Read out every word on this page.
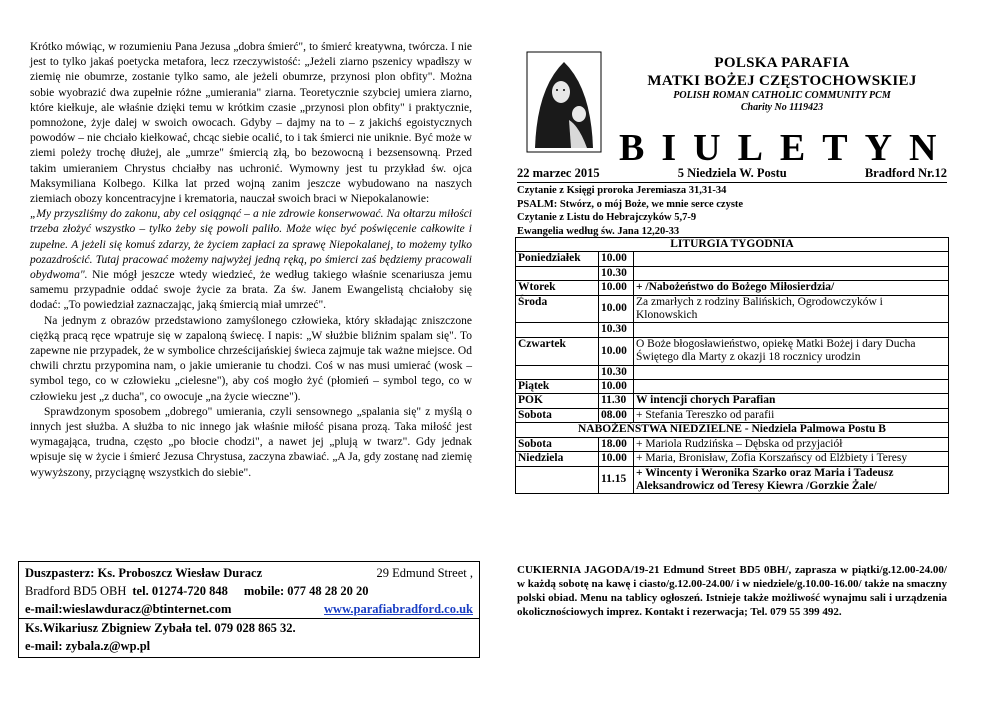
Krótko mówiąc, w rozumieniu Pana Jezusa „dobra śmierć", to śmierć kreatywna, twórcza. I nie jest to tylko jakaś poetycka metafora, lecz rzeczywistość: „Jeżeli ziarno pszenicy wpadłszy w ziemię nie obumrze, zostanie tylko samo, ale jeżeli obumrze, przynosi plon obfity". Można sobie wyobrazić dwa zupełnie różne „umierania" ziarna. Teoretycznie szybciej umiera ziarno, które kiełkuje, ale właśnie dzięki temu w krótkim czasie „przynosi plon obfity" i praktycznie, pomnożone, żyje dalej w swoich owocach. Gdyby – dajmy na to – z jakichś egoistycznych powodów – nie chciało kiełkować, chcąc siebie ocalić, to i tak śmierci nie uniknie. Być może w ziemi poleży trochę dłużej, ale „umrze" śmiercią złą, bo bezowocną i bezsensowną. Przed takim umieraniem Chrystus chciałby nas uchronić. Wymowny jest tu przykład św. ojca Maksymiliana Kolbego. Kilka lat przed wojną zanim jeszcze wybudowano na naszych ziemiach obozy koncentracyjne i krematoria, nauczał swoich braci w Niepokalanowie:

„My przyszliśmy do zakonu, aby cel osiągnąć – a nie zdrowie konserwować. Na ołtarzu miłości trzeba złożyć wszystko – tylko żeby się powoli paliło. Może więc być poświęcenie całkowite i zupełne. A jeżeli się komuś zdarzy, że życiem zapłaci za sprawę Niepokalanej, to możemy tylko pozazdrościć. Tutaj pracować możemy najwyżej jedną ręką, po śmierci zaś będziemy pracowali obydwoma". Nie mógł jeszcze wtedy wiedzieć, że według takiego właśnie scenariusza jemu samemu przypadnie oddać swoje życie za brata. Za św. Janem Ewangelistą chciałoby się dodać: „To powiedział zaznaczając, jaką śmiercią miał umrzeć".

Na jednym z obrazów przedstawiono zamyślonego człowieka, który składając zniszczone ciężką pracą ręce wpatruje się w zapaloną świecę. I napis: „W służbie bliźnim spalam się". To zapewne nie przypadek, że w symbolice chrześcijańskiej świeca zajmuje tak ważne miejsce. Od chwili chrztu przypomina nam, o jakie umieranie tu chodzi. Coś w nas musi umierać (wosk – symbol tego, co w człowieku „cielesne"), aby coś mogło żyć (płomień – symbol tego, co w człowieku jest „z ducha", co owocuje „na życie wieczne").

Sprawdzonym sposobem „dobrego" umierania, czyli sensownego „spalania się" z myślą o innych jest służba. A służba to nic innego jak właśnie miłość pisana prozą. Taka miłość jest wymagająca, trudna, często „po błocie chodzi", a nawet jej „plują w twarz". Gdy jednak wpisuje się w życie i śmierć Jezusa Chrystusa, zaczyna zbawiać. „A Ja, gdy zostanę nad ziemię wywyższony, przyciągnę wszystkich do siebie".

Duszpasterz: Ks. Proboszcz Wiesław Duracz	29 Edmund Street ,
Bradford BD5 OBH tel. 01274-720 848 mobile: 077 48 28 20 20
e-mail:wieslawduracz@btinternet.com	www.parafiabradford.co.uk
Ks.Wikariusz Zbigniew Zybała tel. 079 028 865 32.
e-mail: zybala.z@wp.pl
POLSKA PARAFIA
MATKI BOŻEJ CZĘSTOCHOWSKIEJ
POLISH ROMAN CATHOLIC COMMUNITY PCM
Charity No 1119423
BIULETYN
22 marzec 2015	5 Niedziela W. Postu	Bradford Nr.12
Czytanie z Księgi proroka Jeremiasza 31,31-34
PSALM: Stwórz, o mój Boże, we mnie serce czyste
Czytanie z Listu do Hebrajczyków 5,7-9
Ewangelia według św. Jana 12,20-33
LITURGIA TYGODNIA		
Poniedziałek	10.00	
	10.30	
Wtorek	10.00	+ /Nabożeństwo do Bożego Miłosierdzia/
Środa	10.00	Za zmarłych z rodziny Balińskich, Ogrodowczyków i Klonowskich
	10.30	
Czwartek	10.00	O Boże błogosławieństwo, opiekę Matki Bożej i dary Ducha Świętego dla Marty z okazji 18 rocznicy urodzin
	10.30	
Piątek	10.00	
POK	11.30	W intencji chorych Parafian
Sobota	08.00	+ Stefania Tereszko od parafii
NABOŻEŃSTWA NIEDZIELNE - Niedziela Palmowa Postu B		
Sobota	18.00	+ Mariola Rudzińska – Dębska od przyjaciół
Niedziela	10.00	+ Maria, Bronisław, Zofia Korszańscy od Elżbiety i Teresy
	11.15	+ Wincenty i Weronika Szarko oraz Maria i Tadeusz Aleksandrowicz od Teresy Kiewra /Gorzkie Żale/
CUKIERNIA JAGODA/19-21 Edmund Street BD5 0BH/, zaprasza w piątki/g.12.00-24.00/ w każdą sobotę na kawę i ciasto/g.12.00-24.00/ i w niedziele/g.10.00-16.00/ także na smaczny polski obiad. Menu na tablicy ogłoszeń. Istnieje także możliwość wynajmu sali i urządzenia okolicznościowych imprez. Kontakt i rezerwacja; Tel. 079 55 399 492.
